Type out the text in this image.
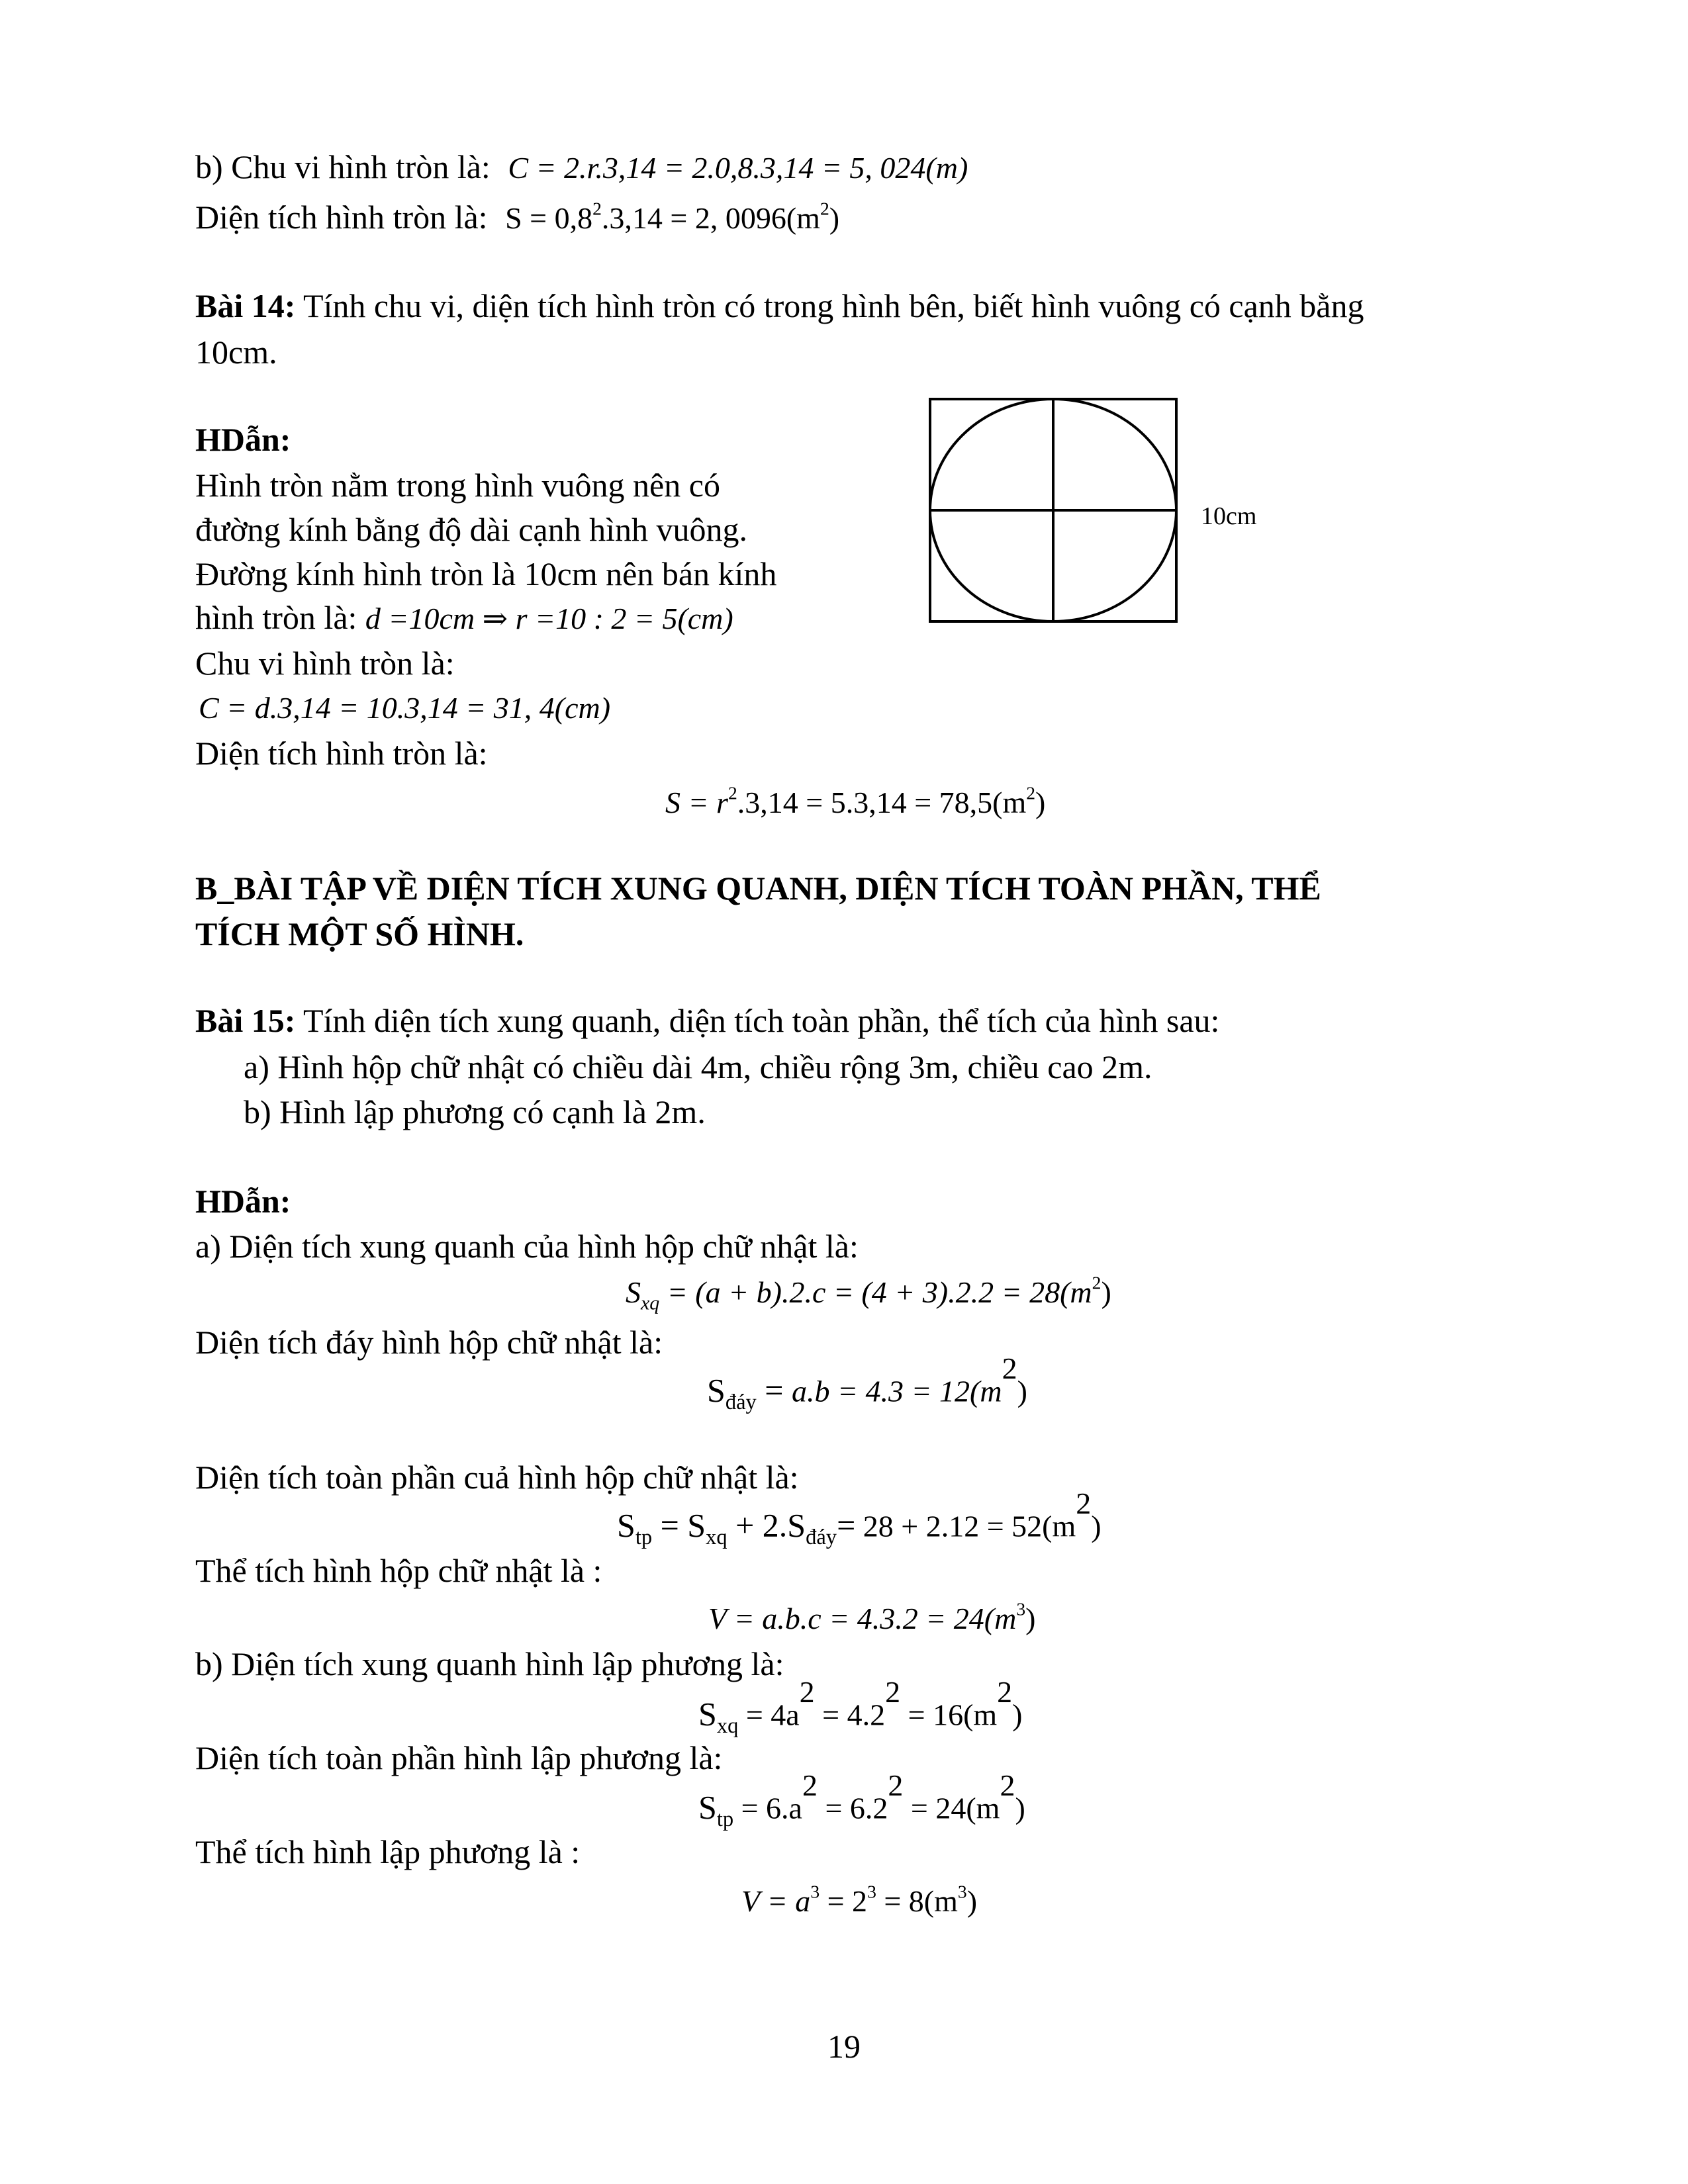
b) Chu vi hình tròn là: C = 2.r.3,14 = 2.0,8.3,14 = 5, 024(m)
Diện tích hình tròn là: $S = 0,8^2.3,14 = 2$, $0096(m^2)$
Bài 14: Tính chu vi, diện tích hình tròn có trong hình bên, biết hình vuông có cạnh bằng
10cm.
HDẫn:
Hình tròn nằm trong hình vuông nên có
đường kính bằng độ dài cạnh hình vuông.
Đường kính hình tròn là 10cm nên bán kính
hình tròn là: d =10cm ⇒ r =10 : 2 = 5(cm)
Chu vi hình tròn là:
C = d.3,14 = 10.3,14 = 31, 4(cm)
Diện tích hình tròn là:
$S = r^2.3,14 = 5.3,14 = 78,5(m^2)$
10cm
B_BÀI TẬP VỀ DIỆN TÍCH XUNG QUANH, DIỆN TÍCH TOÀN PHẦN, THỂ
TÍCH MỘT SỐ HÌNH.
Bài 15: Tính diện tích xung quanh, diện tích toàn phần, thể tích của hình sau:
a) Hình hộp chữ nhật có chiều dài 4m, chiều rộng 3m, chiều cao 2m.
b) Hình lập phương có cạnh là 2m.
HDẫn:
a) Diện tích xung quanh của hình hộp chữ nhật là:
$S_{xq} = (a + b).2.c = (4 + 3).2.2 = 28(m^2)$
Diện tích đáy hình hộp chữ nhật là:
$S_{đáy} = a.b = 4.3 = 12(m^2)$
Diện tích toàn phần cuả hình hộp chữ nhật là:
$S_{tp} = S_{xq} + 2.S_{đáy}= 28 + 2.12 = 52(m^2)$
Thể tích hình hộp chữ nhật là :
$V = a.b.c = 4.3.2 = 24(m^3)$
b) Diện tích xung quanh hình lập phương là:
$S_{xq} = 4a^2 = 4.2^2 = 16(m^2)$
Diện tích toàn phần hình lập phương là:
$S_{tp} = 6.a^2 = 6.2^2 = 24(m^2)$
Thể tích hình lập phương là :
$V = a^3 = 2^3 = 8(m^3)$
19
